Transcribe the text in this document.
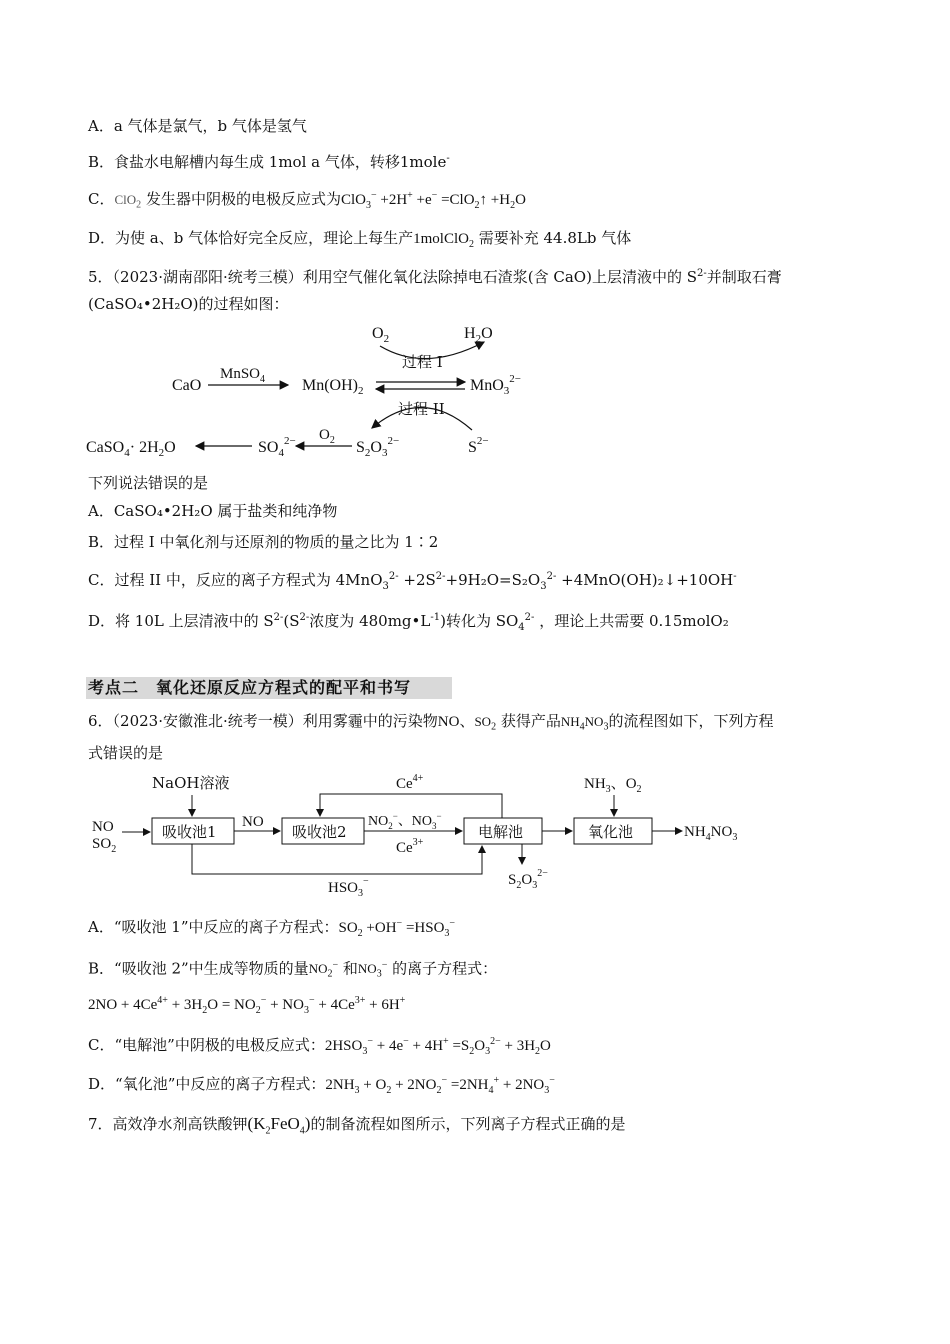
A．a 气体是氯气，b 气体是氢气
B．食盐水电解槽内每生成 1mol a 气体，转移1mole-
C．ClO$_2$ 发生器中阴极的电极反应式为ClO$_3$− +2H+ +e− =ClO$_2$↑ $+H_2O$
D．为使 a、b 气体恰好完全反应，理论上每生产1molClO$_2$ 需要补充 44.8Lb 气体
5．（2023·湖南邵阳·统考三模）利用空气催化氧化法除掉电石渣浆(含 CaO)上层清液中的 $S^{2-}$并制取石膏
(CaSO₄•2H₂O)的过程如图：
$O_2$	$H_2O$
过程 I
CaO
MnSO$_4$ $Mn(OH)_2$	MnO$_3^{2-}$
过程 II
$O_2$
CaSO$_4$· $2H_2O$	$SO_4^{2-}$	$S_2O_3^{2-}$	$S^{2-}$
下列说法错误的是
A．CaSO₄•2H₂O 属于盐类和纯净物
B．过程 I 中氧化剂与还原剂的物质的量之比为 1∶2
C．过程 II 中，反应的离子方程式为 $4MnO_3^{2-} +2S^{2-}+9H_2O=S_2O_3^{2-}$ +4MnO(OH)₂↓+10OH-
D．将 10L 上层清液中的 $S^{2-}(S^{2-}$浓度为 $480mg•L^{-1}$)转化为 $SO_4^{2-}$ ，理论上共需要 0.15molO₂
考点二　氧化还原反应方程式的配平和书写
6．（2023·安徽淮北·统考一模）利用雾霾中的污染物NO、$SO_2$ 获得产品$NH_4NO_3$的流程图如下，下列方程
式错误的是
NaOH溶液
NO
$SO_2$
吸收池1
NO
吸收池2
$Ce^{4+}$
$NO_2^-$、$NO_3^-$
$Ce^{3+}$
电解池
$HSO_3^-$	$S_2O_3^{2-}$
$NH_3$、$O_2$
氧化池	$NH_4NO_3$
A．“吸收池 1”中反应的离子方程式：$SO_2 +OH^- =HSO_3^-$
B．“吸收池 2”中生成等物质的量$NO_2^-$ 和$NO_3^-$ 的离子方程式：
$2NO + 4Ce^{4+} + 3H_2O = NO_2^- + NO_3^- + 4Ce^{3+} + 6H^+$
C．“电解池”中阴极的电极反应式：$2HSO_3^- + 4e^- + 4H^+ =S_2O_3^{2-} + 3H_2O$
D．“氧化池”中反应的离子方程式：$2NH_3 + O_2 + 2NO_2^- =2NH_4^+ + 2NO_3^-$
7．高效净水剂高铁酸钾$(K_2FeO_4)$的制备流程如图所示，下列离子方程式正确的是
